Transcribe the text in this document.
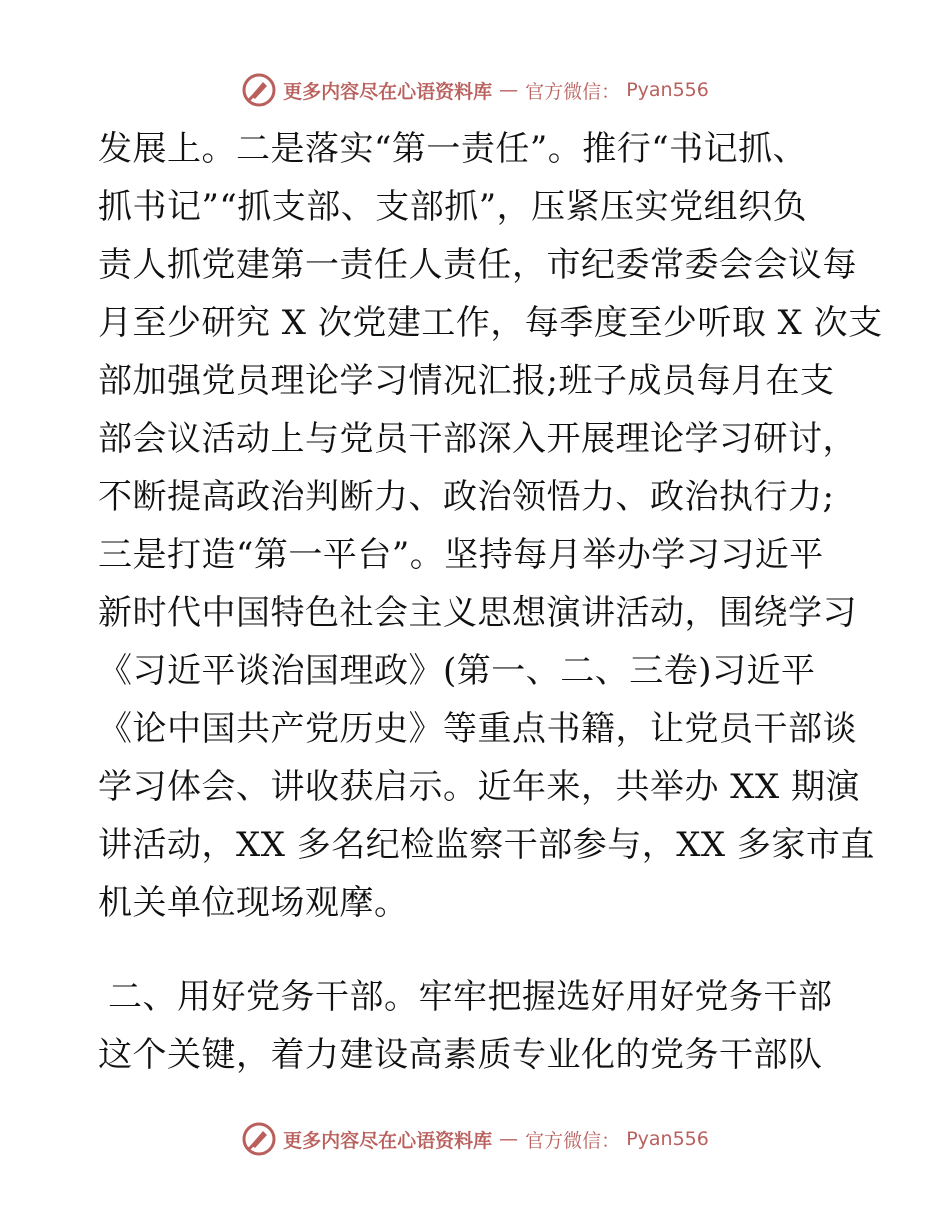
更多内容尽在心语资料库 — 官方微信： Pyan556
发展上。二是落实“第一责任”。推行“书记抓、
抓书记”“抓支部、支部抓”，压紧压实党组织负
责人抓党建第一责任人责任，市纪委常委会会议每
月至少研究 X 次党建工作，每季度至少听取 X 次支
部加强党员理论学习情况汇报;班子成员每月在支
部会议活动上与党员干部深入开展理论学习研讨，
不断提高政治判断力、政治领悟力、政治执行力;
三是打造“第一平台”。坚持每月举办学习习近平
新时代中国特色社会主义思想演讲活动，围绕学习
《习近平谈治国理政》(第一、二、三卷)习近平
《论中国共产党历史》等重点书籍，让党员干部谈
学习体会、讲收获启示。近年来，共举办 XX 期演
讲活动，XX 多名纪检监察干部参与，XX 多家市直
机关单位现场观摩。
二、用好党务干部。牢牢把握选好用好党务干部
这个关键，着力建设高素质专业化的党务干部队
更多内容尽在心语资料库 — 官方微信： Pyan556
